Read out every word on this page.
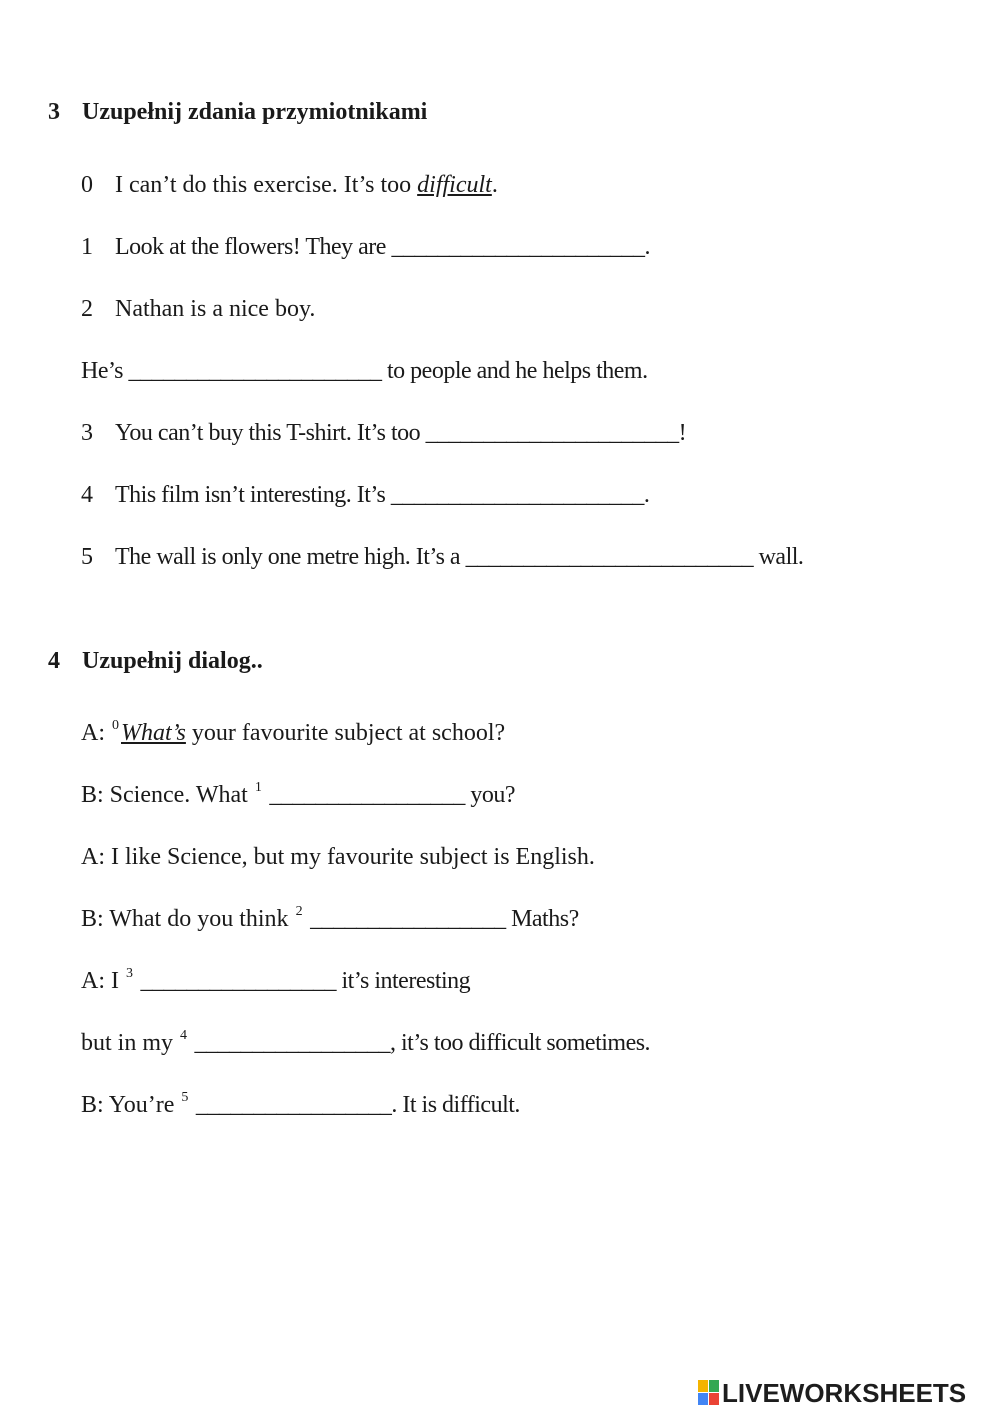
3 Uzupełnij zdania przymiotnikami
0 I can’t do this exercise. It’s too difficult.
1 Look at the flowers! They are ______________________.
2 Nathan is a nice boy.
He’s ______________________ to people and he helps them.
3 You can’t buy this T-shirt. It’s too ______________________!
4 This film isn’t interesting. It’s ______________________.
5 The wall is only one metre high. It’s a _________________________ wall.
4 Uzupełnij dialog..
A: $^0$What’s your favourite subject at school?
B: Science. What $^1$ _________________ you?
A: I like Science, but my favourite subject is English.
B: What do you think $^2$ _________________ Maths?
A: I $^3$ _________________ it’s interesting
but in my $^4$ _________________, it’s too difficult sometimes.
B: You’re $^5$ _________________. It is difficult.
LIVEWORKSHEETS
